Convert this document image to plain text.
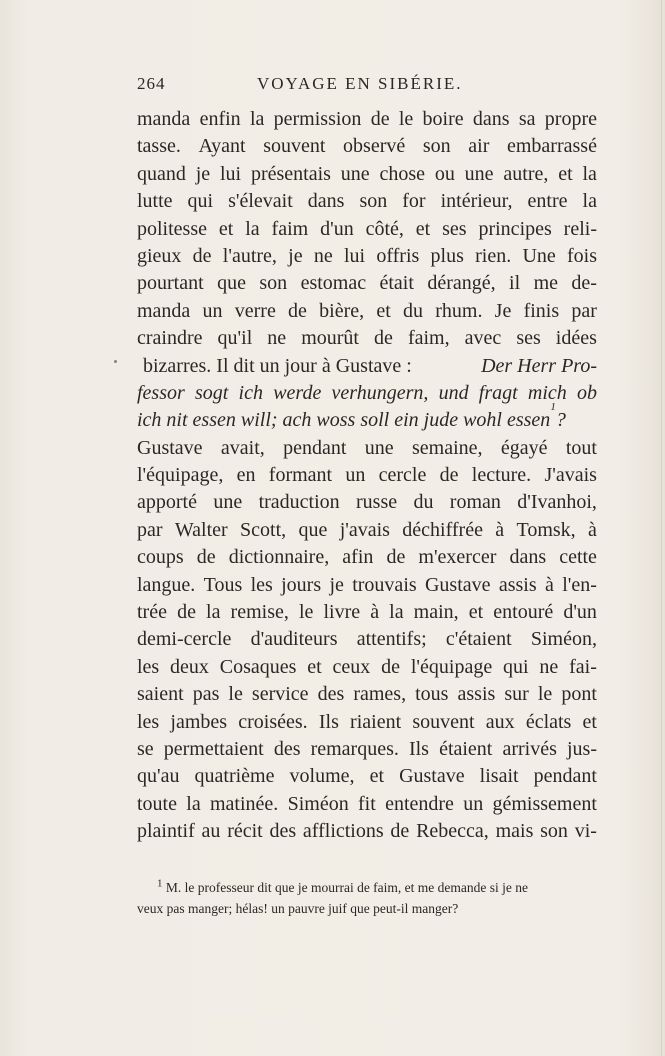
264	VOYAGE EN SIBÉRIE.
manda enfin la permission de le boire dans sa propre
tasse. Ayant souvent observé son air embarrassé
quand je lui présentais une chose ou une autre, et la
lutte qui s'élevait dans son for intérieur, entre la
politesse et la faim d'un côté, et ses principes reli-
gieux de l'autre, je ne lui offris plus rien. Une fois
pourtant que son estomac était dérangé, il me de-
manda un verre de bière, et du rhum. Je finis par
craindre qu'il ne mourût de faim, avec ses idées
bizarres. Il dit un jour à Gustave :	Der Herr Pro-
fessor sogt ich werde verhungern, und fragt mich ob
ich nit essen will; ach woss soll ein jude wohl essen
1
?
Gustave avait, pendant une semaine, égayé tout
l'équipage, en formant un cercle de lecture. J'avais
apporté une traduction russe du roman d'Ivanhoi,
par Walter Scott, que j'avais déchiffrée à Tomsk, à
coups de dictionnaire, afin de m'exercer dans cette
langue. Tous les jours je trouvais Gustave assis à l'en-
trée de la remise, le livre à la main, et entouré d'un
demi-cercle d'auditeurs attentifs; c'étaient Siméon,
les deux Cosaques et ceux de l'équipage qui ne fai-
saient pas le service des rames, tous assis sur le pont
les jambes croisées. Ils riaient souvent aux éclats et
se permettaient des remarques. Ils étaient arrivés jus-
qu'au quatrième volume, et Gustave lisait pendant
toute la matinée. Siméon fit entendre un gémissement
plaintif au récit des afflictions de Rebecca, mais son vi-
$^1$ M. le professeur dit que je mourrai de faim, et me demande si je ne
veux pas manger; hélas! un pauvre juif que peut-il manger?
